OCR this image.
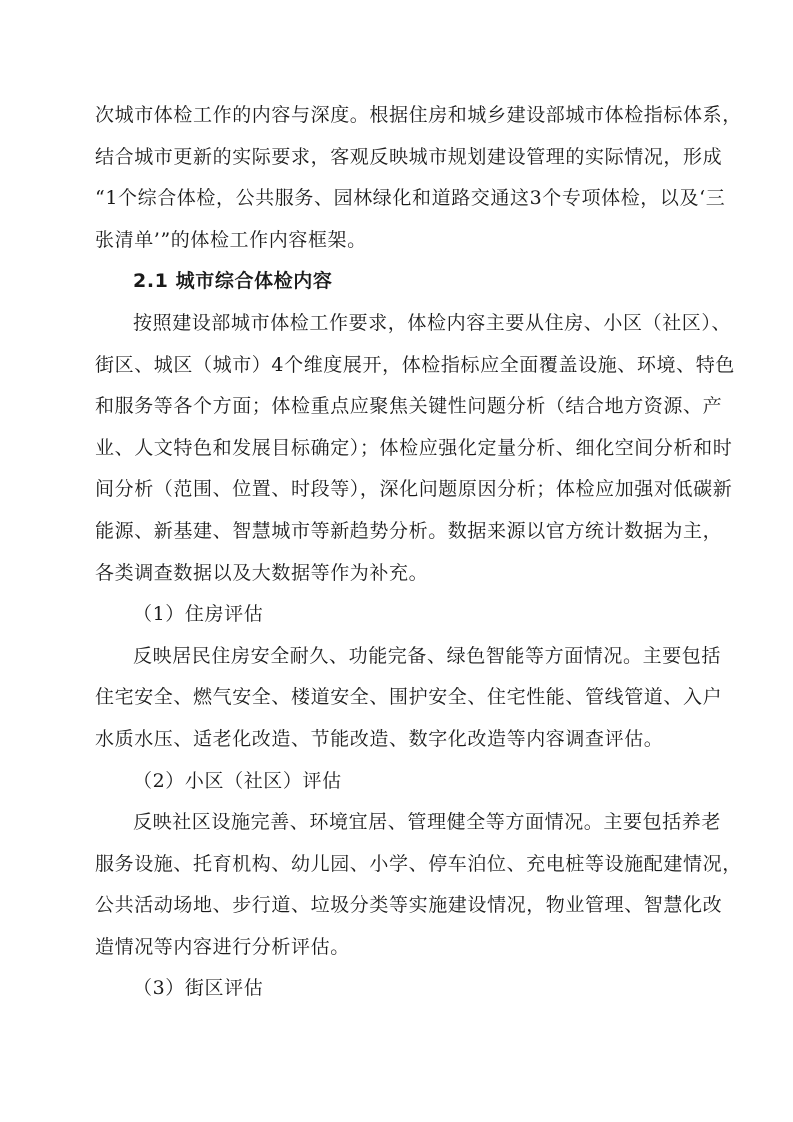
次城市体检工作的内容与深度。根据住房和城乡建设部城市体检指标体系，
结合城市更新的实际要求，客观反映城市规划建设管理的实际情况，形成
“1个综合体检，公共服务、园林绿化和道路交通这3个专项体检，以及‘三
张清单’”的体检工作内容框架。
2.1 城市综合体检内容
按照建设部城市体检工作要求，体检内容主要从住房、小区（社区）、
街区、城区（城市）4个维度展开，体检指标应全面覆盖设施、环境、特色
和服务等各个方面；体检重点应聚焦关键性问题分析（结合地方资源、产
业、人文特色和发展目标确定）；体检应强化定量分析、细化空间分析和时
间分析（范围、位置、时段等），深化问题原因分析；体检应加强对低碳新
能源、新基建、智慧城市等新趋势分析。数据来源以官方统计数据为主，
各类调查数据以及大数据等作为补充。
（1）住房评估
反映居民住房安全耐久、功能完备、绿色智能等方面情况。主要包括
住宅安全、燃气安全、楼道安全、围护安全、住宅性能、管线管道、入户
水质水压、适老化改造、节能改造、数字化改造等内容调查评估。
（2）小区（社区）评估
反映社区设施完善、环境宜居、管理健全等方面情况。主要包括养老
服务设施、托育机构、幼儿园、小学、停车泊位、充电桩等设施配建情况，
公共活动场地、步行道、垃圾分类等实施建设情况，物业管理、智慧化改
造情况等内容进行分析评估。
（3）街区评估
